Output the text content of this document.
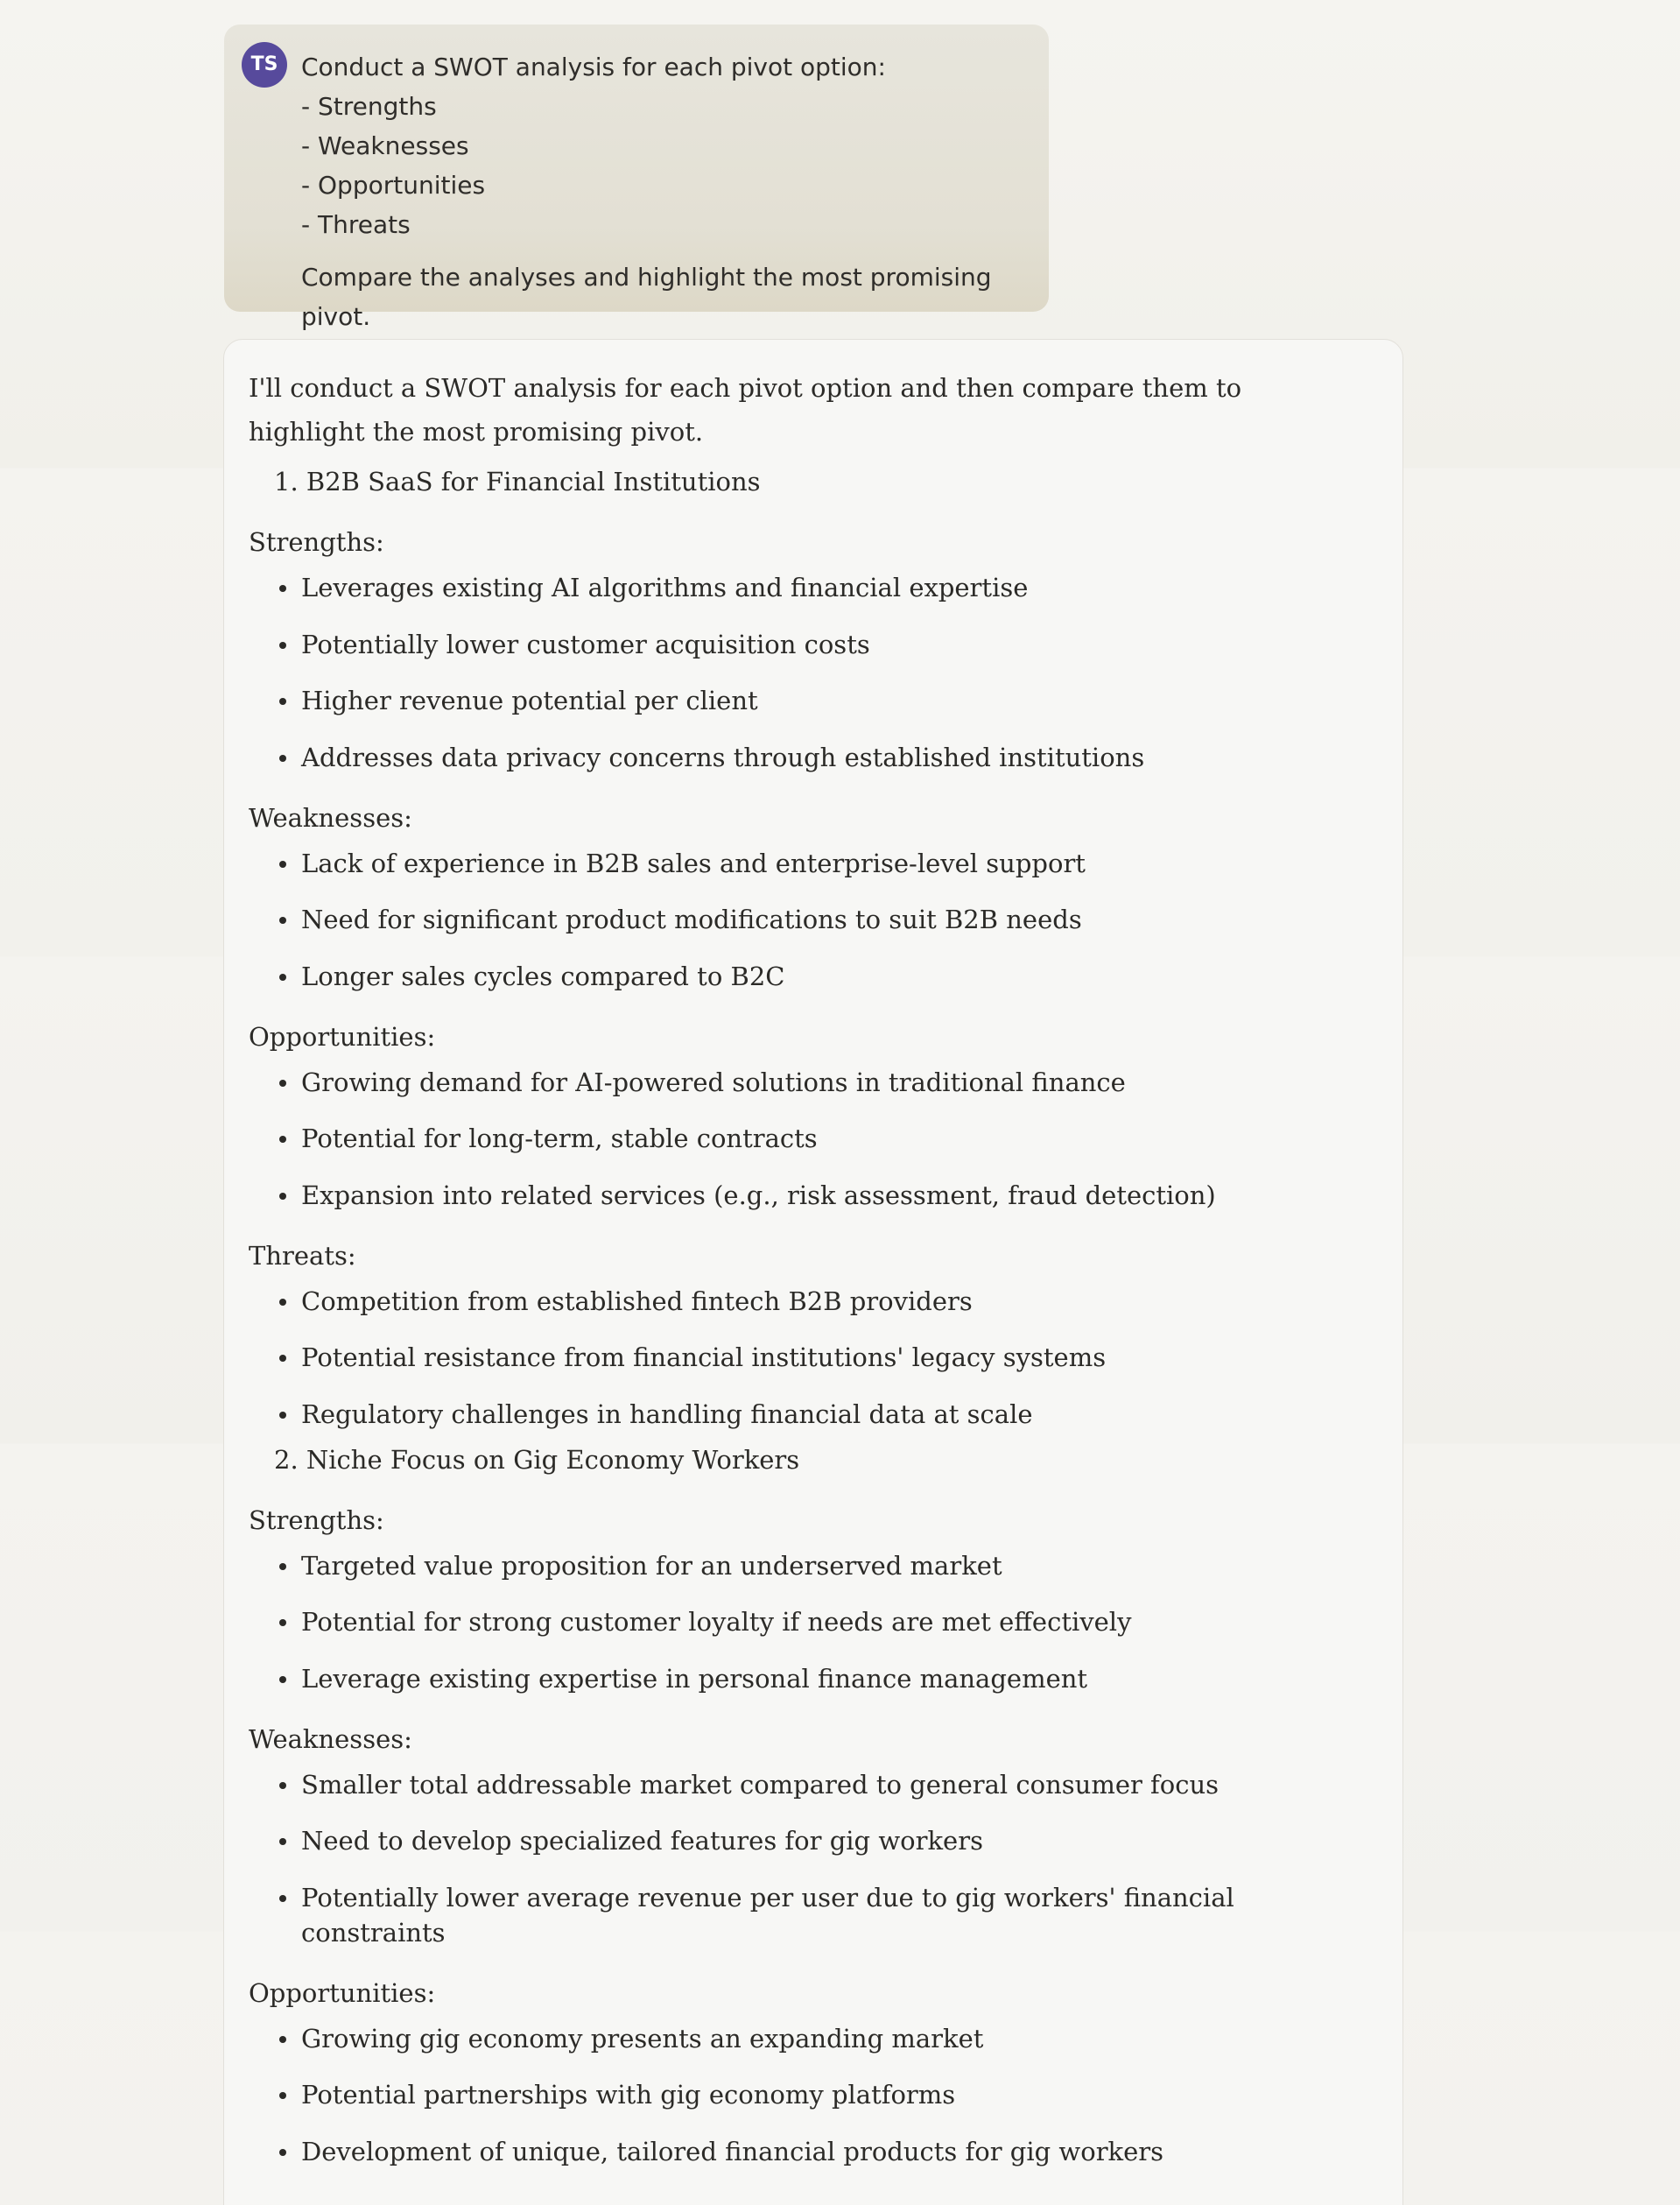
TS Conduct a SWOT analysis for each pivot option:
- Strengths
- Weaknesses
- Opportunities
- Threats
Compare the analyses and highlight the most promising pivot.

I'll conduct a SWOT analysis for each pivot option and then compare them to highlight the most promising pivot.

1. B2B SaaS for Financial Institutions
Strengths:
Leverages existing AI algorithms and financial expertise
Potentially lower customer acquisition costs
Higher revenue potential per client
Addresses data privacy concerns through established institutions
Weaknesses:
Lack of experience in B2B sales and enterprise-level support
Need for significant product modifications to suit B2B needs
Longer sales cycles compared to B2C
Opportunities:
Growing demand for AI-powered solutions in traditional finance
Potential for long-term, stable contracts
Expansion into related services (e.g., risk assessment, fraud detection)
Threats:
Competition from established fintech B2B providers
Potential resistance from financial institutions' legacy systems
Regulatory challenges in handling financial data at scale
2. Niche Focus on Gig Economy Workers
Strengths:
Targeted value proposition for an underserved market
Potential for strong customer loyalty if needs are met effectively
Leverage existing expertise in personal finance management
Weaknesses:
Smaller total addressable market compared to general consumer focus
Need to develop specialized features for gig workers
Potentially lower average revenue per user due to gig workers' financial constraints
Opportunities:
Growing gig economy presents an expanding market
Potential partnerships with gig economy platforms
Development of unique, tailored financial products for gig workers
